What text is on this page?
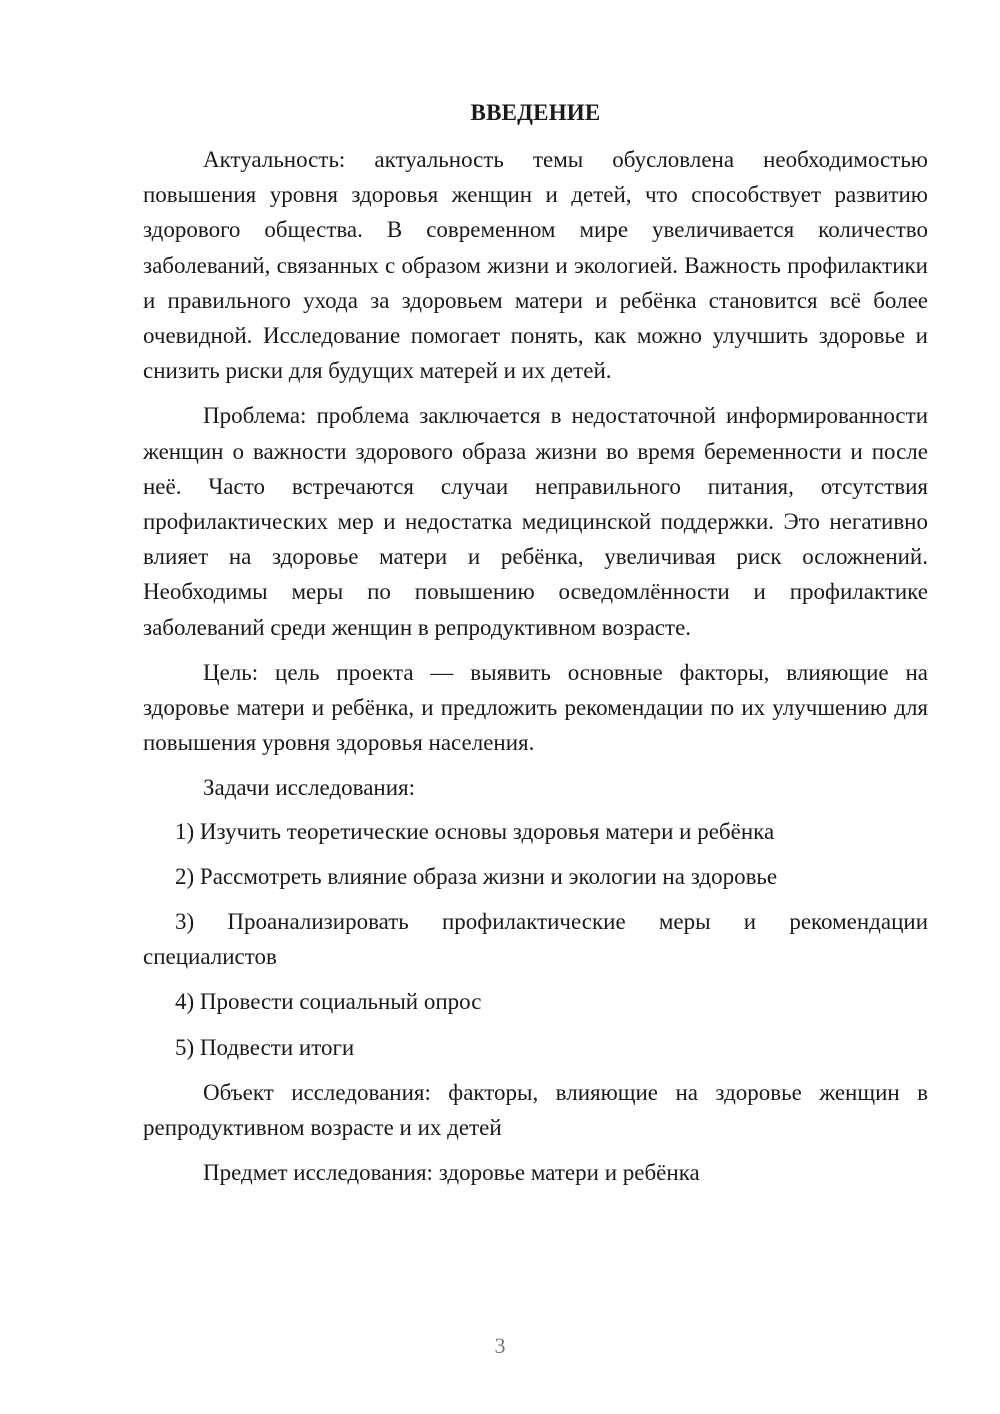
ВВЕДЕНИЕ

Актуальность: актуальность темы обусловлена необходимостью повышения уровня здоровья женщин и детей, что способствует развитию здорового общества. В современном мире увеличивается количество заболеваний, связанных с образом жизни и экологией. Важность профилактики и правильного ухода за здоровьем матери и ребёнка становится всё более очевидной. Исследование помогает понять, как можно улучшить здоровье и снизить риски для будущих матерей и их детей.

Проблема: проблема заключается в недостаточной информированности женщин о важности здорового образа жизни во время беременности и после неё. Часто встречаются случаи неправильного питания, отсутствия профилактических мер и недостатка медицинской поддержки. Это негативно влияет на здоровье матери и ребёнка, увеличивая риск осложнений. Необходимы меры по повышению осведомлённости и профилактике заболеваний среди женщин в репродуктивном возрасте.

Цель: цель проекта — выявить основные факторы, влияющие на здоровье матери и ребёнка, и предложить рекомендации по их улучшению для повышения уровня здоровья населения.

Задачи исследования:

1) Изучить теоретические основы здоровья матери и ребёнка

2) Рассмотреть влияние образа жизни и экологии на здоровье

3) Проанализировать профилактические меры и рекомендации специалистов

4) Провести социальный опрос

5) Подвести итоги

Объект исследования: факторы, влияющие на здоровье женщин в репродуктивном возрасте и их детей

Предмет исследования: здоровье матери и ребёнка

3
